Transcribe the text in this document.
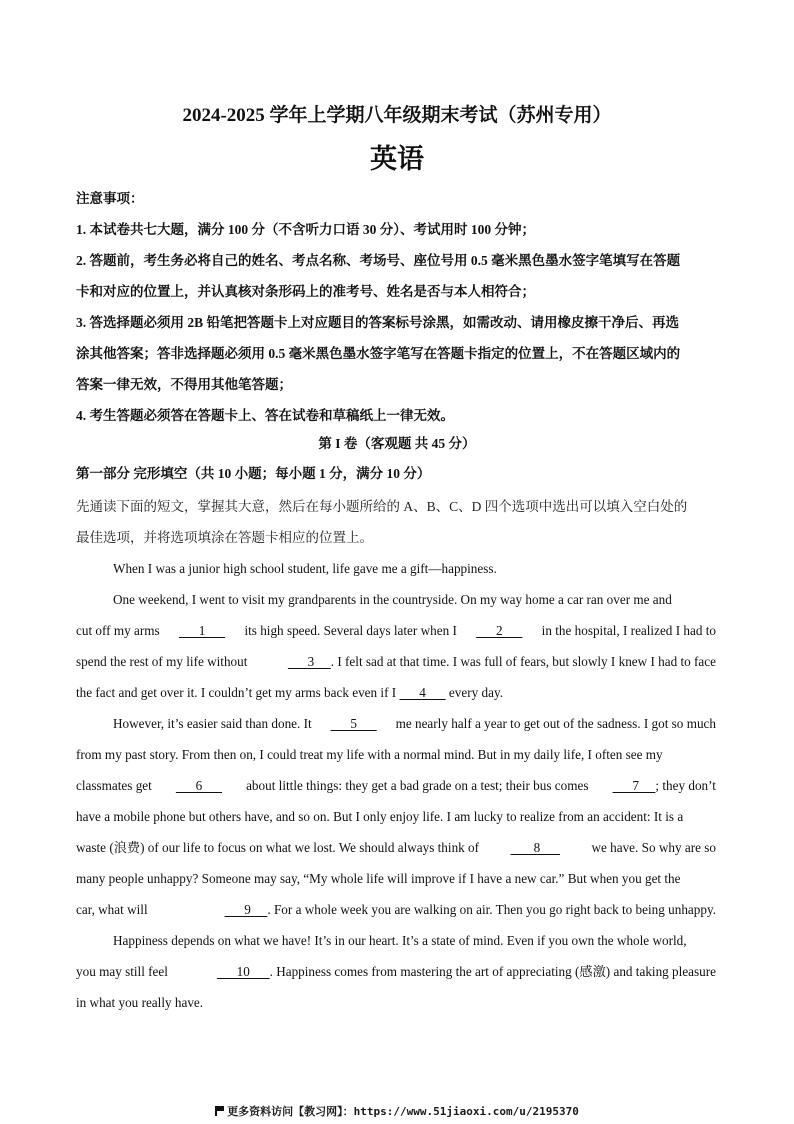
2024-2025 学年上学期八年级期末考试（苏州专用）
英语
注意事项：
1. 本试卷共七大题，满分 100 分（不含听力口语 30 分）、考试用时 100 分钟；
2. 答题前，考生务必将自己的姓名、考点名称、考场号、座位号用 0.5 毫米黑色墨水签字笔填写在答题
卡和对应的位置上，并认真核对条形码上的准考号、姓名是否与本人相符合；
3. 答选择题必须用 2B 铅笔把答题卡上对应题目的答案标号涂黑，如需改动、请用橡皮擦干净后、再选
涂其他答案；答非选择题必须用 0.5 毫米黑色墨水签字笔写在答题卡指定的位置上，不在答题区域内的
答案一律无效，不得用其他笔答题；
4. 考生答题必须答在答题卡上、答在试卷和草稿纸上一律无效。
第 I 卷（客观题 共 45 分）
第一部分 完形填空（共 10 小题；每小题 1 分，满分 10 分）
先通读下面的短文，掌握其大意，然后在每小题所给的 A、B、C、D 四个选项中选出可以填入空白处的
最佳选项，并将选项填涂在答题卡相应的位置上。
When I was a junior high school student, life gave me a gift—happiness.
One weekend, I went to visit my grandparents in the countryside. On my way home a car ran over me and
cut off my arms 1 its high speed. Several days later when I 2 in the hospital, I realized I had to
spend the rest of my life without	3     . I felt sad at that time. I was full of fears, but slowly I knew I had to face
the fact and get over it. I couldn’t get my arms back even if I
4
every day.
However, it’s easier said than done. It 5 me nearly half a year to get out of the sadness. I got so much
from my past story. From then on, I could treat my life with a normal mind. But in my daily life, I often see my
classmates get 6 about little things: they get a bad grade on a test; their bus comes 7     ; they don’t
have a mobile phone but others have, and so on. But I only enjoy life. I am lucky to realize from an accident: It is a
waste (浪费) of our life to focus on what we lost. We should always think of 8 we have. So why are so
many people unhappy? Someone may say, “My whole life will improve if I have a new car.” But when you get the
car, what will	9     . For a whole week you are walking on air. Then you go right back to being unhappy.
Happiness depends on what we have! It’s in our heart. It’s a state of mind. Even if you own the whole world,
you may still feel	10      . Happiness comes from mastering the art of appreciating (感激) and taking pleasure
in what you really have.
更多资料访问【教习网】：https://www.51jiaoxi.com/u/2195370
